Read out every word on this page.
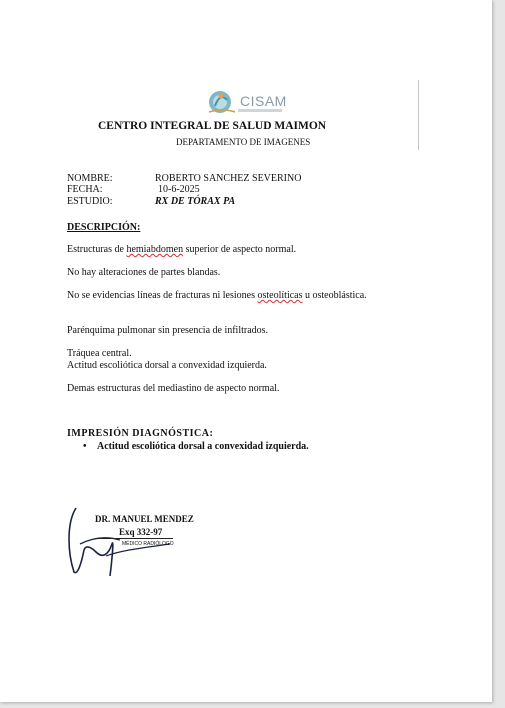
CISAM
CENTRO INTEGRAL DE SALUD MAIMON
DEPARTAMENTO DE IMAGENES
NOMBRE:	ROBERTO SANCHEZ SEVERINO
FECHA:	10-6-2025
ESTUDIO:	RX DE TÓRAX PA
DESCRIPCIÓN:
Estructuras de hemiabdomen superior de aspecto normal.
No hay alteraciones de partes blandas.
No se evidencias líneas de fracturas ni lesiones osteolíticas u osteoblástica.
Parénquima pulmonar sin presencia de infiltrados.
Tráquea central.
Actitud escoliótica dorsal a convexidad izquierda.
Demas estructuras del mediastino de aspecto normal.
IMPRESIÓN DIAGNÓSTICA:
• Actitud escoliótica dorsal a convexidad izquierda.
DR. MANUEL MENDEZ
Exq 332-97
MÉDICO RADIÓLOGO
